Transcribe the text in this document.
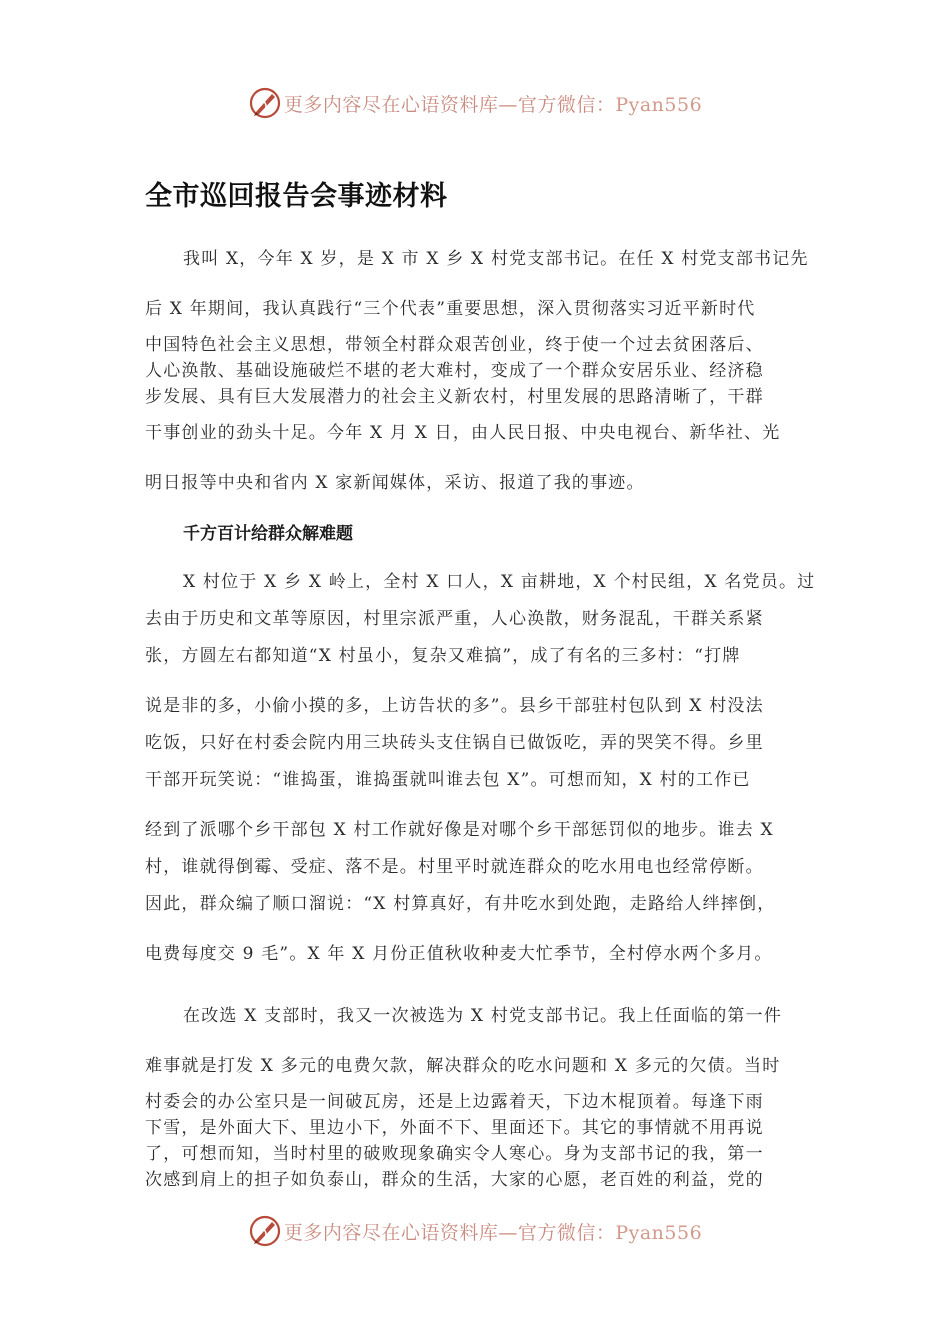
更多内容尽在心语资料库—官方微信：Pyan556
全市巡回报告会事迹材料
我叫 X，今年 X 岁，是 X 市 X 乡 X 村党支部书记。在任 X 村党支部书记先
后 X 年期间，我认真践行“三个代表”重要思想，深入贯彻落实习近平新时代
中国特色社会主义思想，带领全村群众艰苦创业，终于使一个过去贫困落后、
人心涣散、基础设施破烂不堪的老大难村，变成了一个群众安居乐业、经济稳
步发展、具有巨大发展潜力的社会主义新农村，村里发展的思路清晰了，干群
干事创业的劲头十足。今年 X 月 X 日，由人民日报、中央电视台、新华社、光
明日报等中央和省内 X 家新闻媒体，采访、报道了我的事迹。
千方百计给群众解难题
X 村位于 X 乡 X 岭上，全村 X 口人，X 亩耕地，X 个村民组，X 名党员。过
去由于历史和文革等原因，村里宗派严重，人心涣散，财务混乱，干群关系紧
张，方圆左右都知道“X 村虽小，复杂又难搞”，成了有名的三多村：“打牌
说是非的多，小偷小摸的多，上访告状的多”。县乡干部驻村包队到 X 村没法
吃饭，只好在村委会院内用三块砖头支住锅自已做饭吃，弄的哭笑不得。乡里
干部开玩笑说：“谁捣蛋，谁捣蛋就叫谁去包 X”。可想而知，X 村的工作已
经到了派哪个乡干部包 X 村工作就好像是对哪个乡干部惩罚似的地步。谁去 X
村，谁就得倒霉、受症、落不是。村里平时就连群众的吃水用电也经常停断。
因此，群众编了顺口溜说：“X 村算真好，有井吃水到处跑，走路给人绊摔倒，
电费每度交 9 毛”。X 年 X 月份正值秋收种麦大忙季节，全村停水两个多月。
在改选 X 支部时，我又一次被选为 X 村党支部书记。我上任面临的第一件
难事就是打发 X 多元的电费欠款，解决群众的吃水问题和 X 多元的欠债。当时
村委会的办公室只是一间破瓦房，还是上边露着天，下边木棍顶着。每逢下雨
下雪，是外面大下、里边小下，外面不下、里面还下。其它的事情就不用再说
了，可想而知，当时村里的破败现象确实令人寒心。身为支部书记的我，第一
次感到肩上的担子如负泰山，群众的生活，大家的心愿，老百姓的利益，党的
更多内容尽在心语资料库—官方微信：Pyan556
